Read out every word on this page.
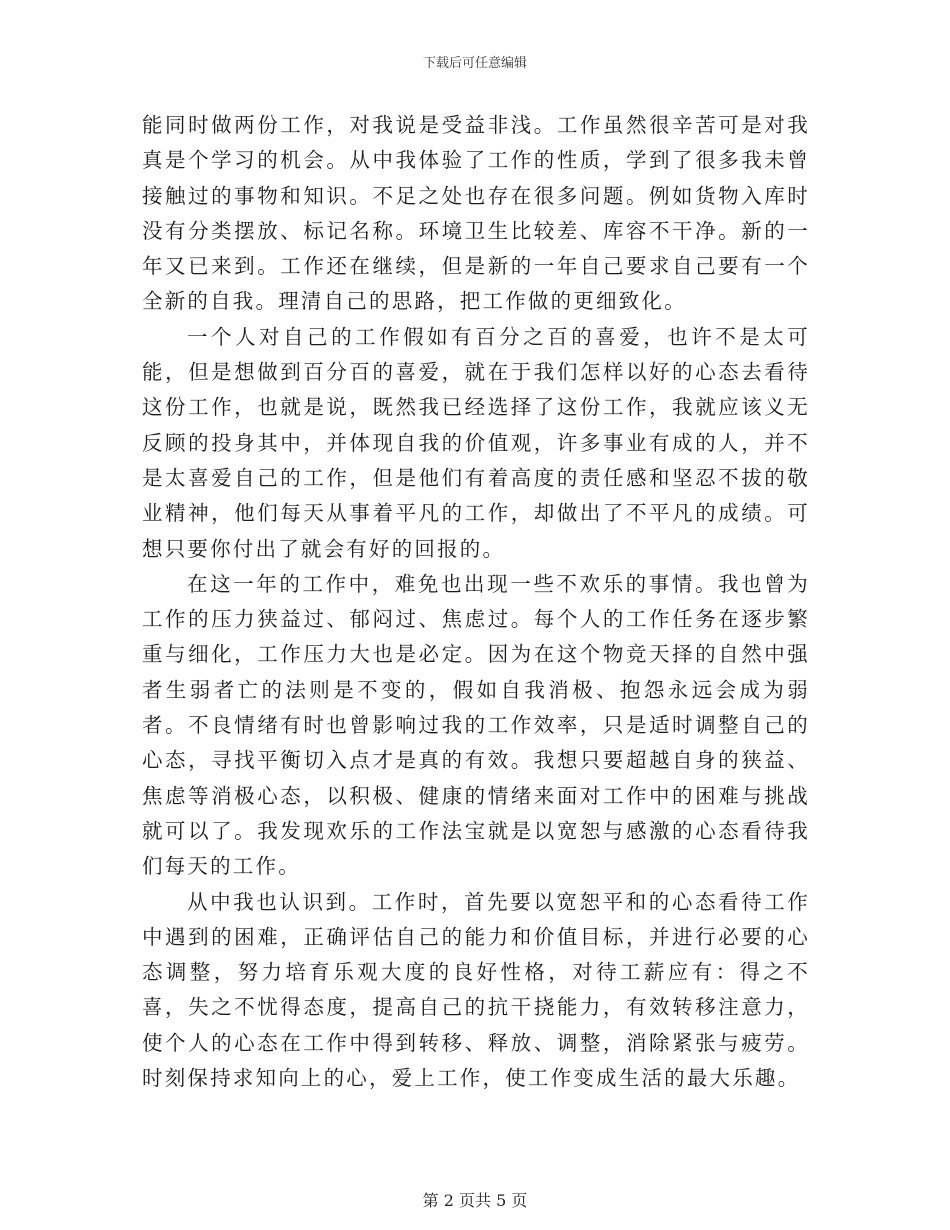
下载后可任意编辑

能同时做两份工作，对我说是受益非浅。工作虽然很辛苦可是对我真是个学习的机会。从中我体验了工作的性质，学到了很多我未曾接触过的事物和知识。不足之处也存在很多问题。例如货物入库时没有分类摆放、标记名称。环境卫生比较差、库容不干净。新的一年又已来到。工作还在继续，但是新的一年自己要求自己要有一个全新的自我。理清自己的思路，把工作做的更细致化。

一个人对自己的工作假如有百分之百的喜爱，也许不是太可能，但是想做到百分百的喜爱，就在于我们怎样以好的心态去看待这份工作，也就是说，既然我已经选择了这份工作，我就应该义无反顾的投身其中，并体现自我的价值观，许多事业有成的人，并不是太喜爱自己的工作，但是他们有着高度的责任感和坚忍不拔的敬业精神，他们每天从事着平凡的工作，却做出了不平凡的成绩。可想只要你付出了就会有好的回报的。

在这一年的工作中，难免也出现一些不欢乐的事情。我也曾为工作的压力狭益过、郁闷过、焦虑过。每个人的工作任务在逐步繁重与细化，工作压力大也是必定。因为在这个物竞天择的自然中强者生弱者亡的法则是不变的，假如自我消极、抱怨永远会成为弱者。不良情绪有时也曾影响过我的工作效率，只是适时调整自己的心态，寻找平衡切入点才是真的有效。我想只要超越自身的狭益、焦虑等消极心态，以积极、健康的情绪来面对工作中的困难与挑战就可以了。我发现欢乐的工作法宝就是以宽恕与感激的心态看待我们每天的工作。

从中我也认识到。工作时，首先要以宽恕平和的心态看待工作中遇到的困难，正确评估自己的能力和价值目标，并进行必要的心态调整，努力培育乐观大度的良好性格，对待工薪应有：得之不喜，失之不忧得态度，提高自己的抗干挠能力，有效转移注意力，使个人的心态在工作中得到转移、释放、调整，消除紧张与疲劳。时刻保持求知向上的心，爱上工作，使工作变成生活的最大乐趣。

第 2 页共 5 页
